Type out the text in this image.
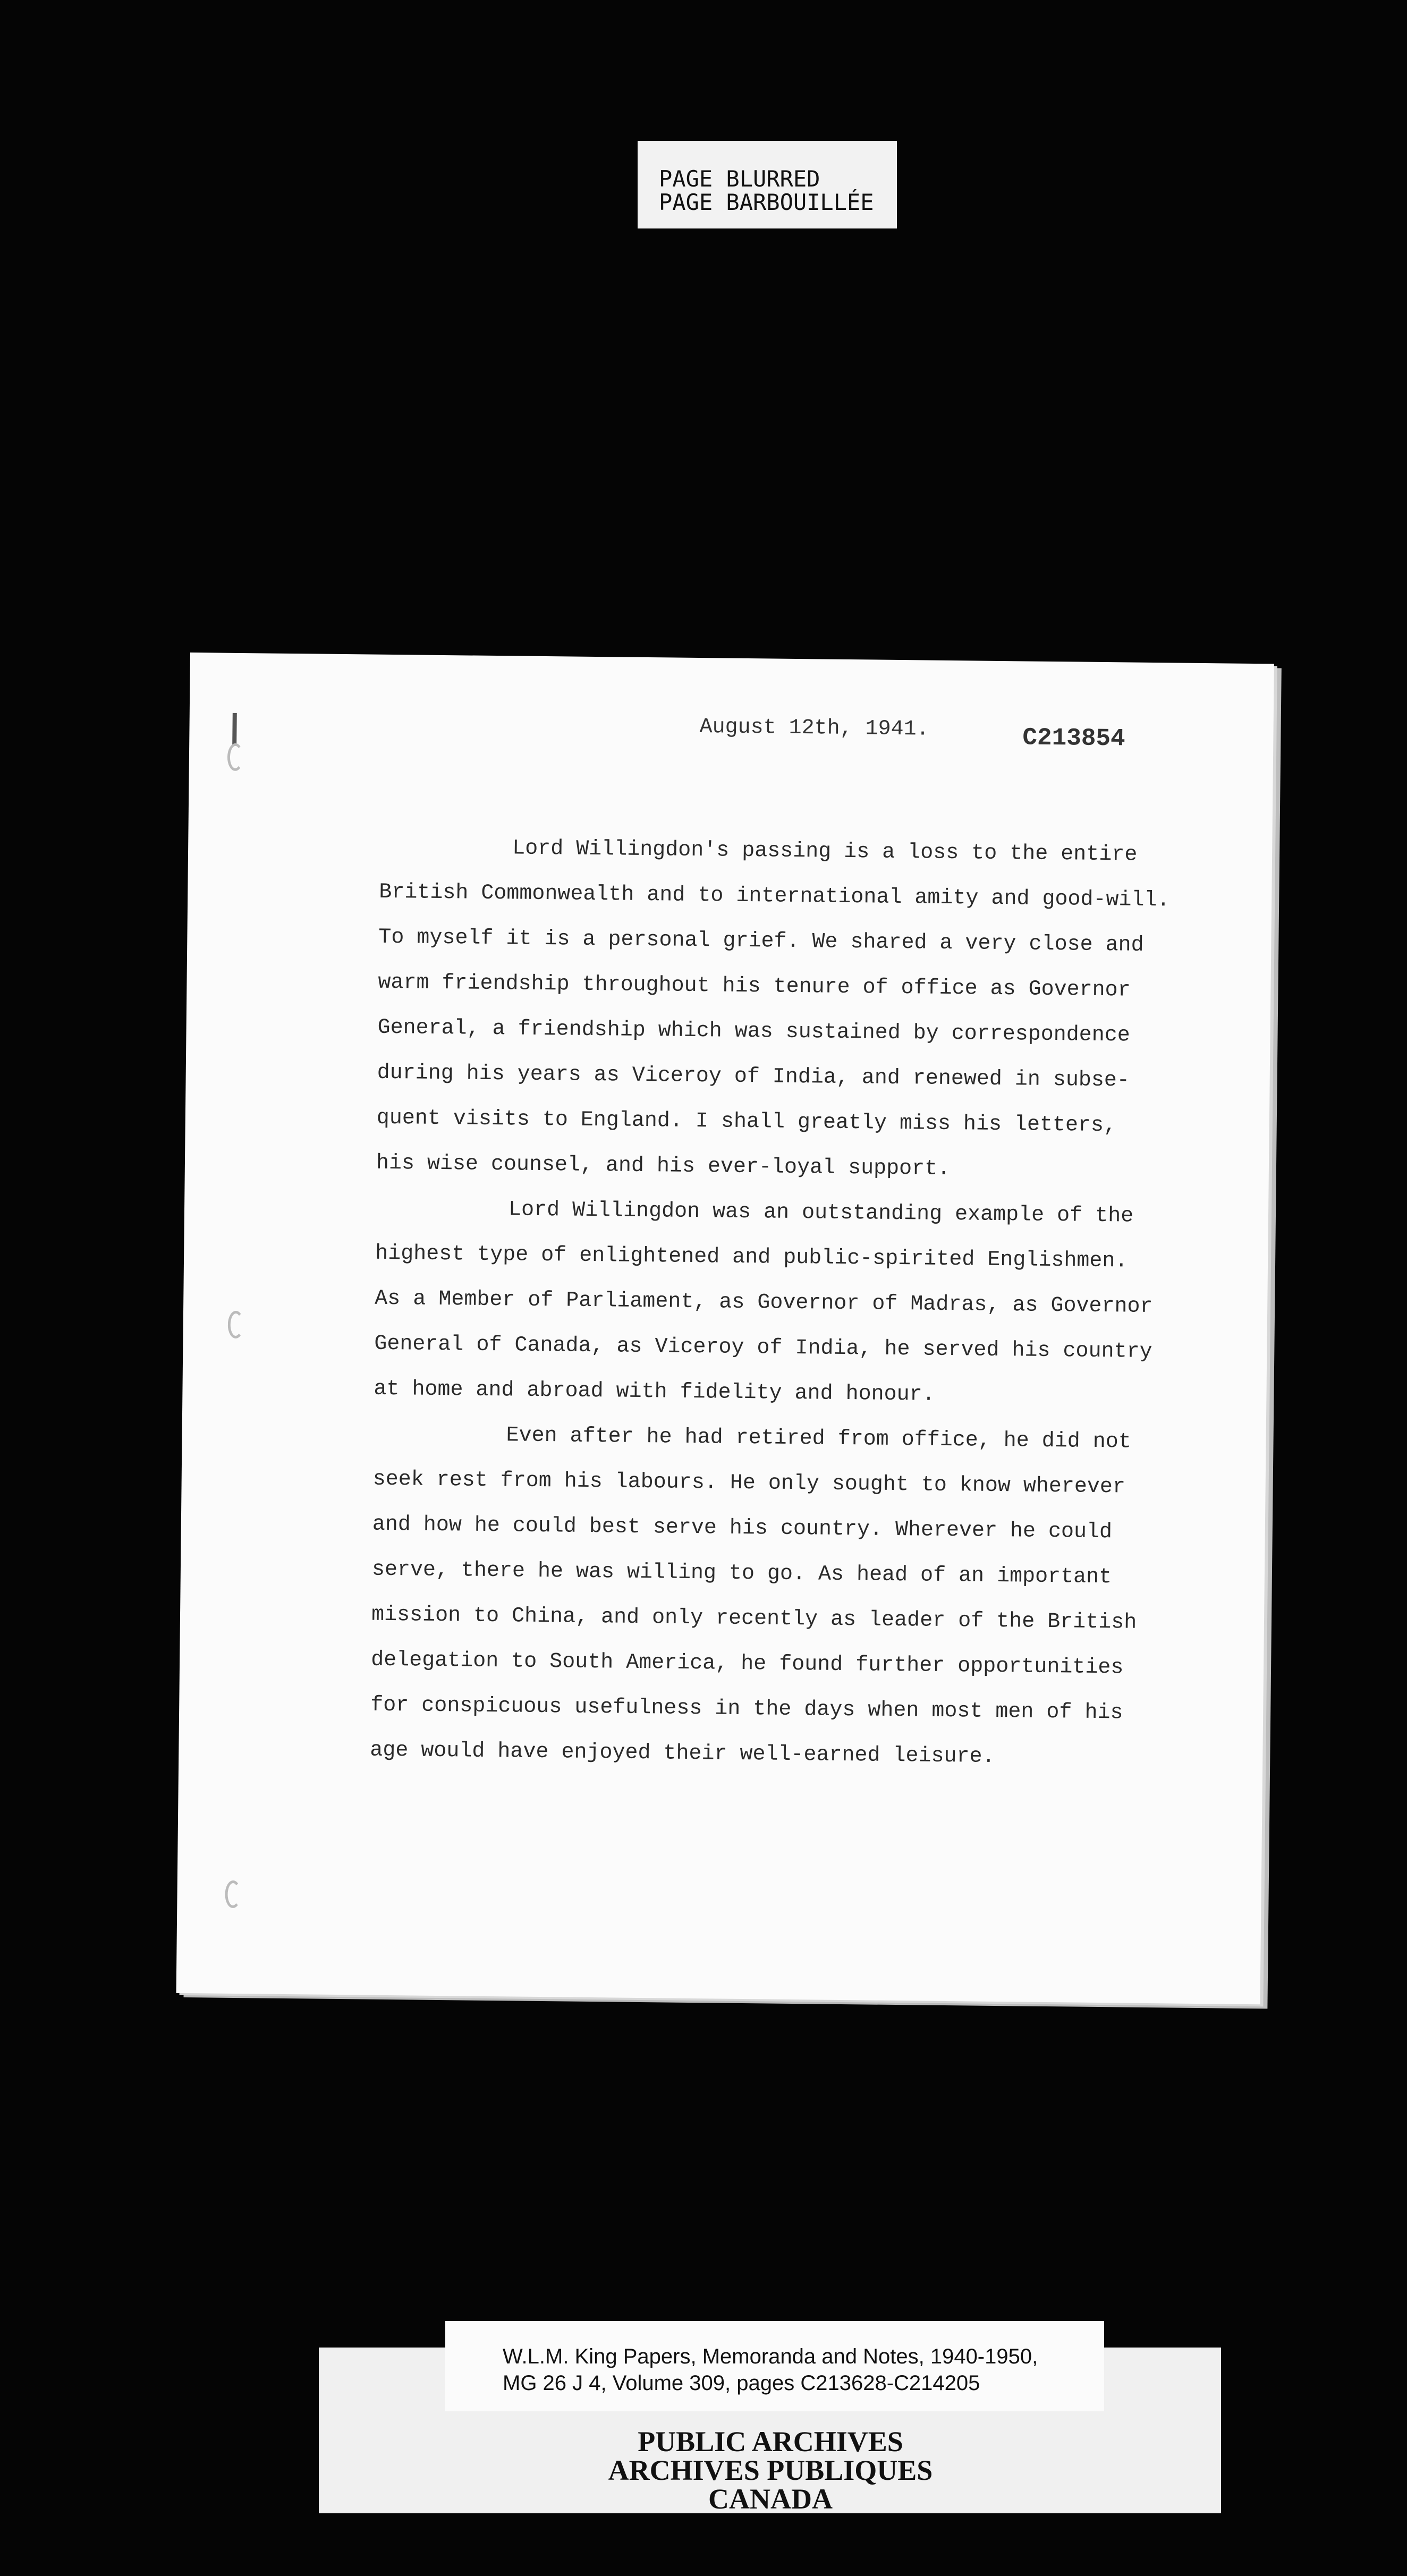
PAGE BLURRED
PAGE BARBOUILLÉE
August 12th, 1941.	C213854

Lord Willingdon's passing is a loss to the entire
British Commonwealth and to international amity and good-will.
To myself it is a personal grief. We shared a very close and
warm friendship throughout his tenure of office as Governor
General, a friendship which was sustained by correspondence
during his years as Viceroy of India, and renewed in subse-
quent visits to England. I shall greatly miss his letters,
his wise counsel, and his ever-loyal support.

Lord Willingdon was an outstanding example of the
highest type of enlightened and public-spirited Englishmen.
As a Member of Parliament, as Governor of Madras, as Governor
General of Canada, as Viceroy of India, he served his country
at home and abroad with fidelity and honour.

Even after he had retired from office, he did not
seek rest from his labours. He only sought to know wherever
and how he could best serve his country. Wherever he could
serve, there he was willing to go. As head of an important
mission to China, and only recently as leader of the British
delegation to South America, he found further opportunities
for conspicuous usefulness in the days when most men of his
age would have enjoyed their well-earned leisure.

W.L.M. King Papers, Memoranda and Notes, 1940-1950,
MG 26 J 4, Volume 309, pages C213628-C214205
PUBLIC ARCHIVES
ARCHIVES PUBLIQUES
CANADA
